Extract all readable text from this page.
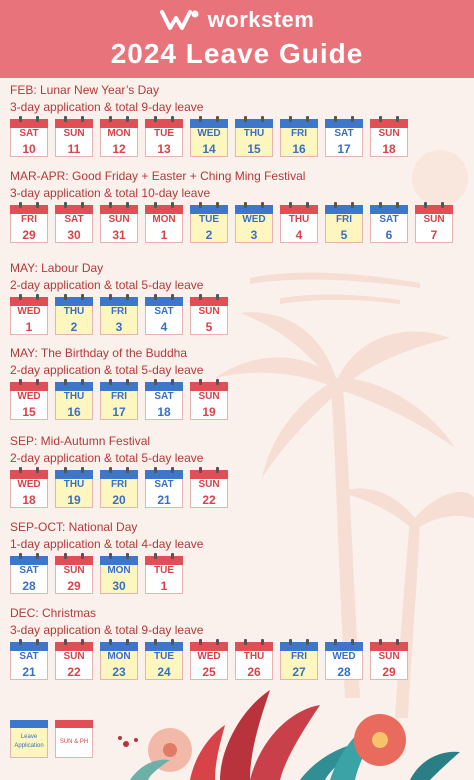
workstem
2024 Leave Guide
FEB: Lunar New Year’s Day
3-day application & total 9-day leave
SAT
10
SUN
11
MON
12
TUE
13
WED
14
THU
15
FRI
16
SAT
17
SUN
18
MAR-APR: Good Friday + Easter + Ching Ming Festival
3-day application & total 10-day leave
FRI
29
SAT
30
SUN
31
MON
1
TUE
2
WED
3
THU
4
FRI
5
SAT
6
SUN
7
MAY: Labour Day
2-day application & total 5-day leave
WED
1
THU
2
FRI
3
SAT
4
SUN
5
MAY: The Birthday of the Buddha
2-day application & total 5-day leave
WED
15
THU
16
FRI
17
SAT
18
SUN
19
SEP: Mid-Autumn Festival
2-day application & total 5-day leave
WED
18
THU
19
FRI
20
SAT
21
SUN
22
SEP-OCT: National Day
1-day application & total 4-day leave
SAT
28
SUN
29
MON
30
TUE
1
DEC: Christmas
3-day application & total 9-day leave
SAT
21
SUN
22
MON
23
TUE
24
WED
25
THU
26
FRI
27
WED
28
SUN
29
Leave Application
SUN & PH
